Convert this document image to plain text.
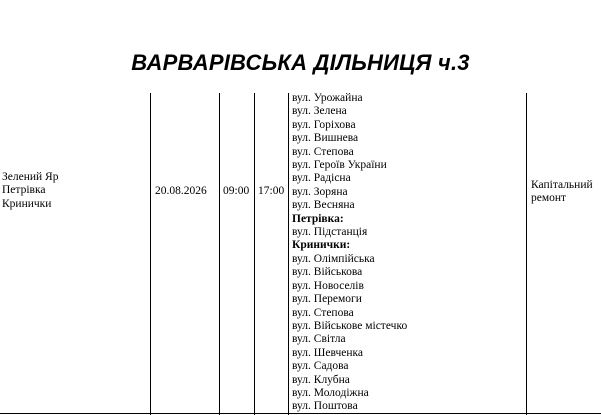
ВАРВАРІВСЬКА ДІЛЬНИЦЯ ч.3
Зелений Яр
Петрівка
Кринички
20.08.2026 09:00 17:00
вул. Урожайна
вул. Зелена
вул. Горіхова
вул. Вишнева
вул. Степова
вул. Героїв України
вул. Радісна
вул. Зоряна
вул. Весняна
Петрівка:
вул. Підстанція
Кринички:
вул. Олімпійська
вул. Військова
вул. Новоселів
вул. Перемоги
вул. Степова
вул. Військове містечко
вул. Світла
вул. Шевченка
вул. Садова
вул. Клубна
вул. Молодіжна
вул. Поштова
Капітальний
ремонт
